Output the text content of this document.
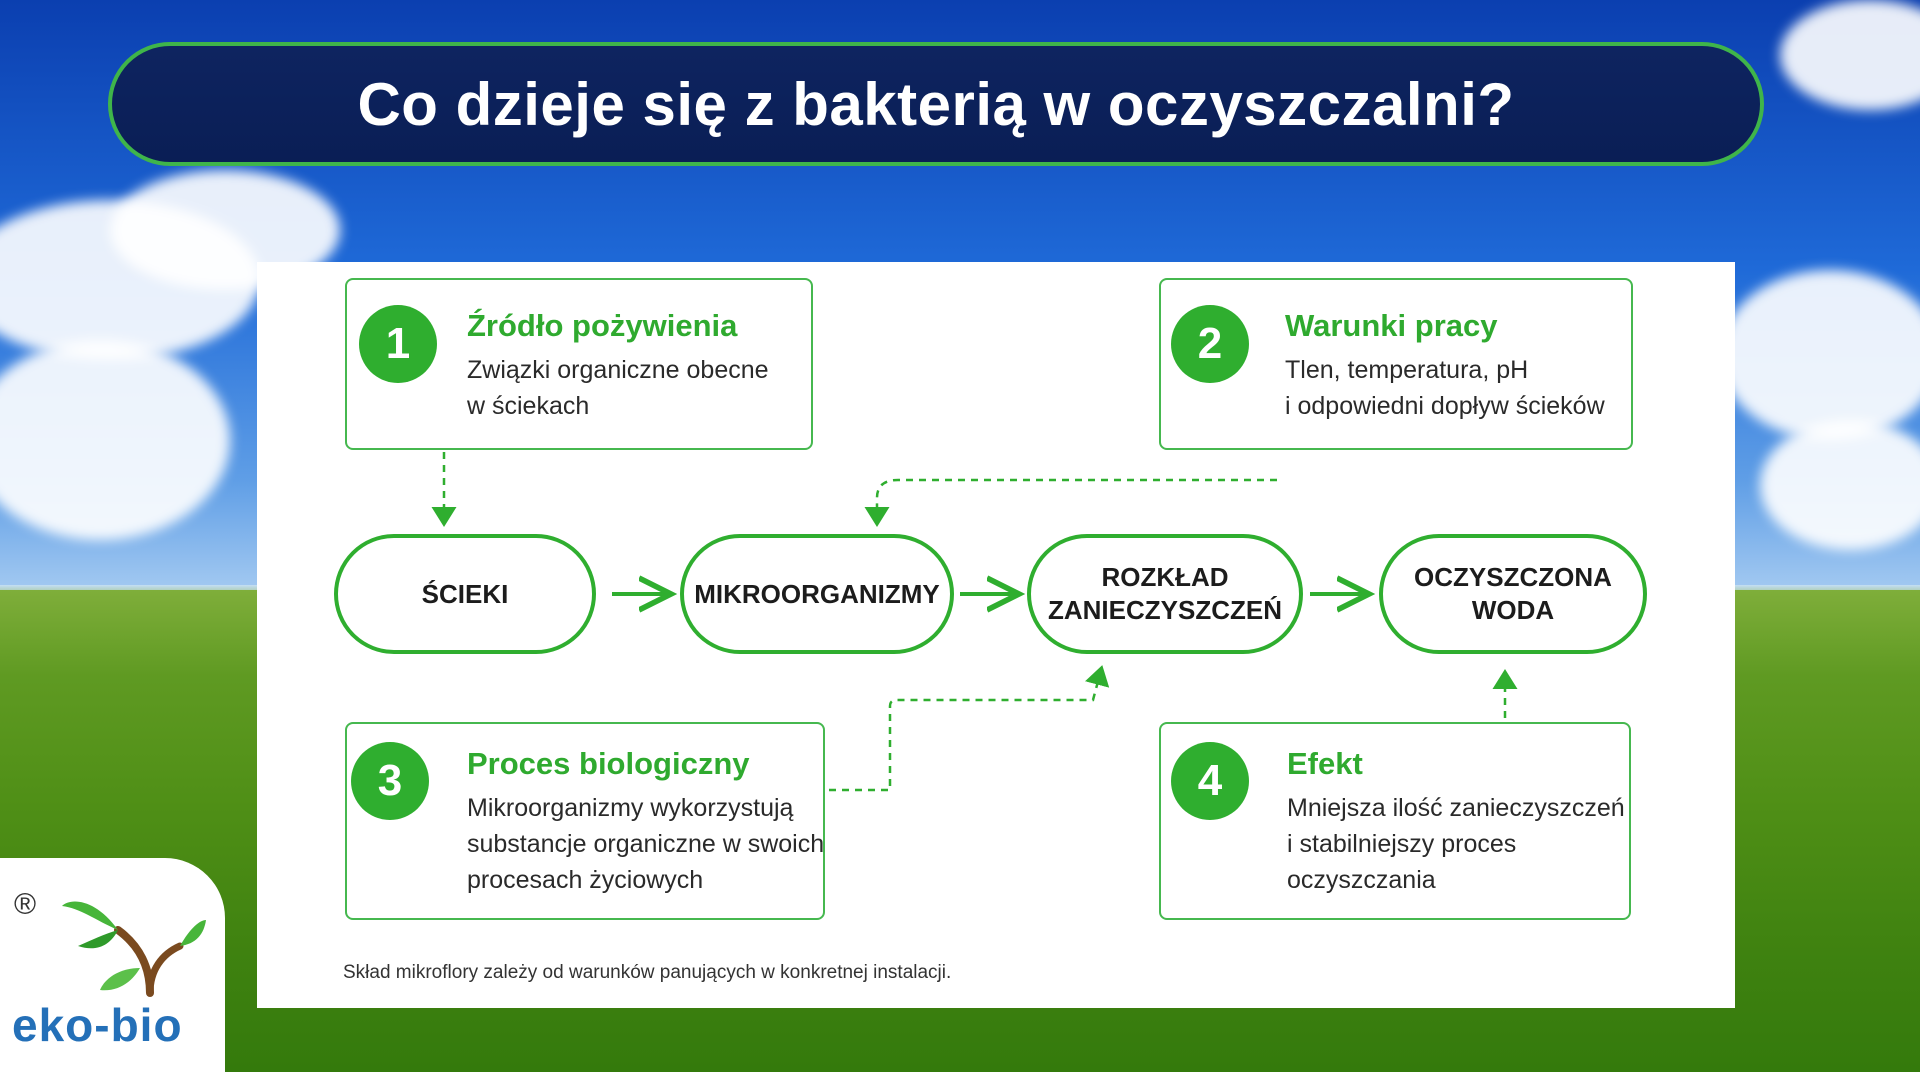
Co dzieje się z bakterią w oczyszczalni?
1	Źródło pożywienia
Związki organiczne obecne
w ściekach
2	Warunki pracy
Tlen, temperatura, pH
i odpowiedni dopływ ścieków
ŚCIEKI	MIKROORGANIZMY
ROZKŁAD
ZANIECZYSZCZEŃ
OCZYSZCZONA
WODA
3	Proces biologiczny
Mikroorganizmy wykorzystują
substancje organiczne w swoich
procesach życiowych
4	Efekt
Mniejsza ilość zanieczyszczeń
i stabilniejszy proces
oczyszczania
Skład mikroflory zależy od warunków panujących w konkretnej instalacji.
®
eko-bio
